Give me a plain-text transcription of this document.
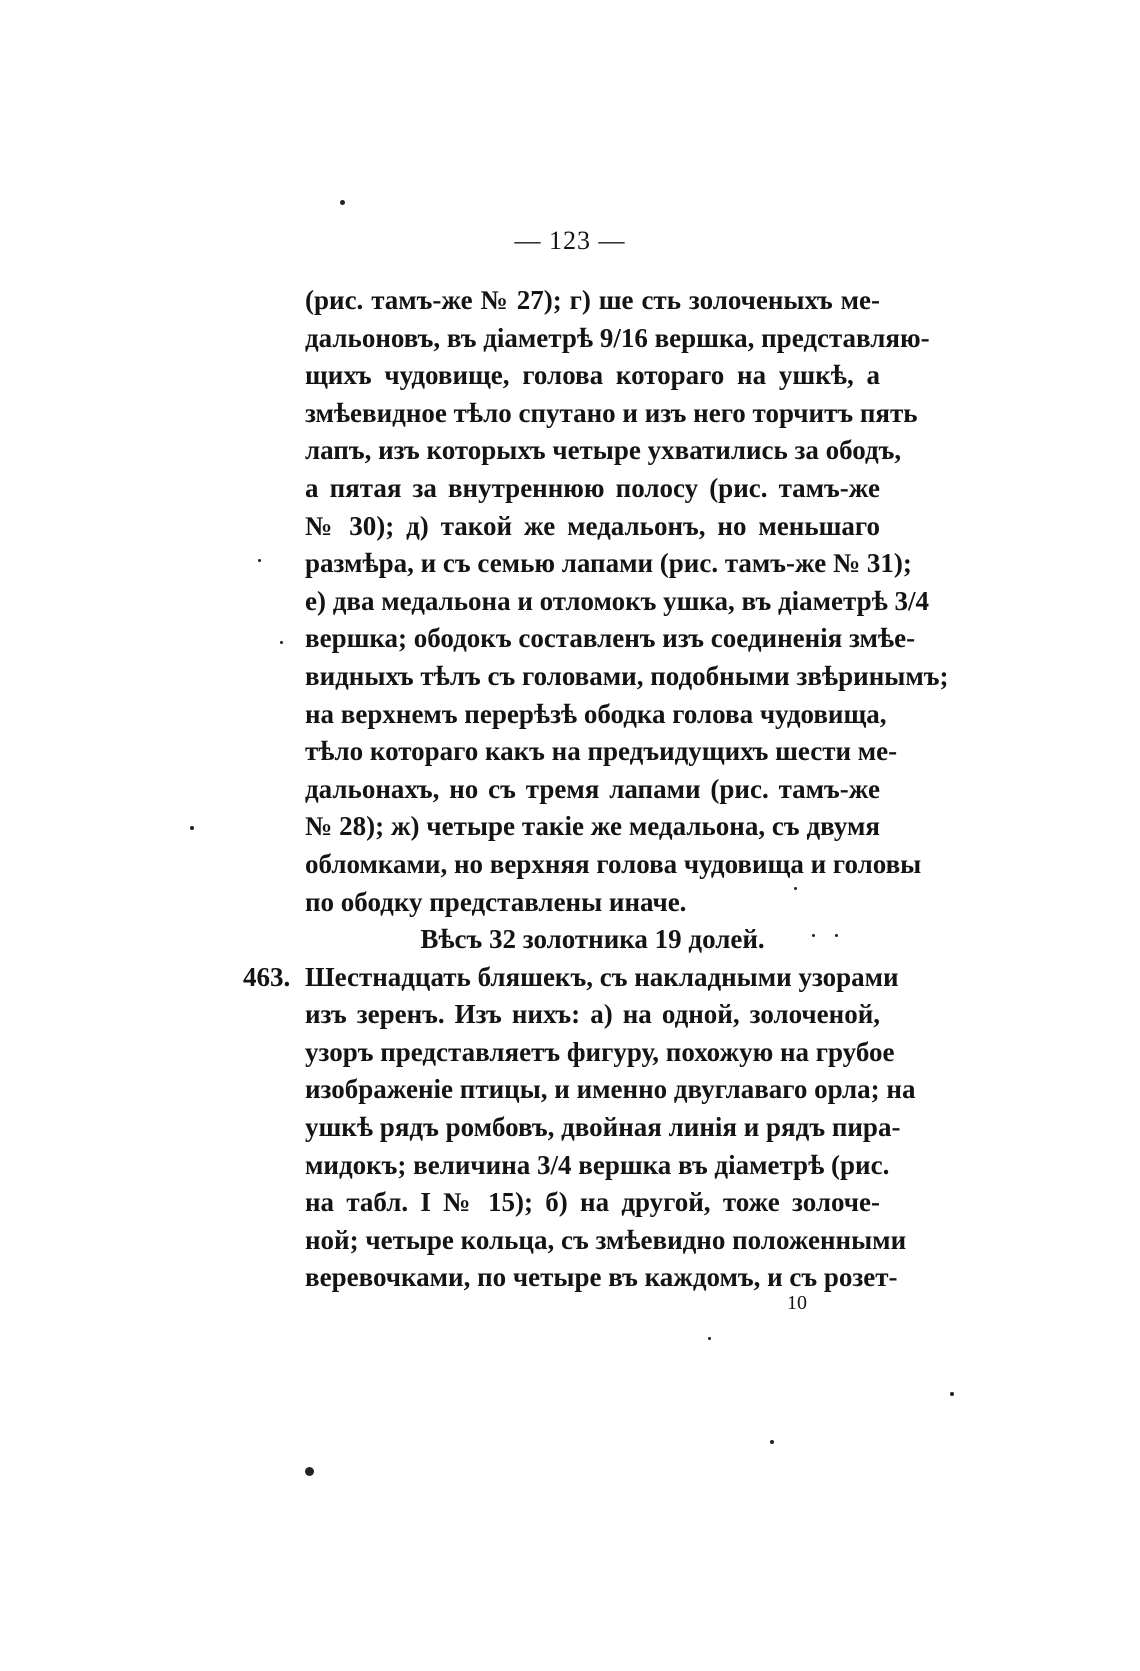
— 123 —
(рис. тамъ-же № 27); г) ше сть золоченыхъ ме-
дальоновъ, въ діаметрѣ 9/16 вершка, представляю-
щихъ чудовище, голова котораго на ушкѣ, а
змѣевидное тѣло спутано и изъ него торчитъ пять
лапъ, изъ которыхъ четыре ухватились за ободъ,
а пятая за внутреннюю полосу (рис. тамъ-же
№ 30); д) такой же медальонъ, но меньшаго
размѣра, и съ семью лапами (рис. тамъ-же № 31);
е) два медальона и отломокъ ушка, въ діаметрѣ 3/4
вершка; ободокъ составленъ изъ соединенія змѣе-
видныхъ тѣлъ съ головами, подобными звѣринымъ;
на верхнемъ перерѣзѣ ободка голова чудовища,
тѣло котораго какъ на предъидущихъ шести ме-
дальонахъ, но съ тремя лапами (рис. тамъ-же
№ 28); ж) четыре такіе же медальона, съ двумя
обломками, но верхняя голова чудовища и головы
по ободку представлены иначе.
Вѣсъ 32 золотника 19 долей.
463. Шестнадцать бляшекъ, съ накладными узорами
изъ зеренъ. Изъ нихъ: а) на одной, золоченой,
узоръ представляетъ фигуру, похожую на грубое
изображеніе птицы, и именно двуглаваго орла; на
ушкѣ рядъ ромбовъ, двойная линія и рядъ пира-
мидокъ; величина 3/4 вершка въ діаметрѣ (рис.
на табл. I № 15); б) на другой, тоже золоче-
ной; четыре кольца, съ змѣевидно положенными
веревочками, по четыре въ каждомъ, и съ розет-
10
